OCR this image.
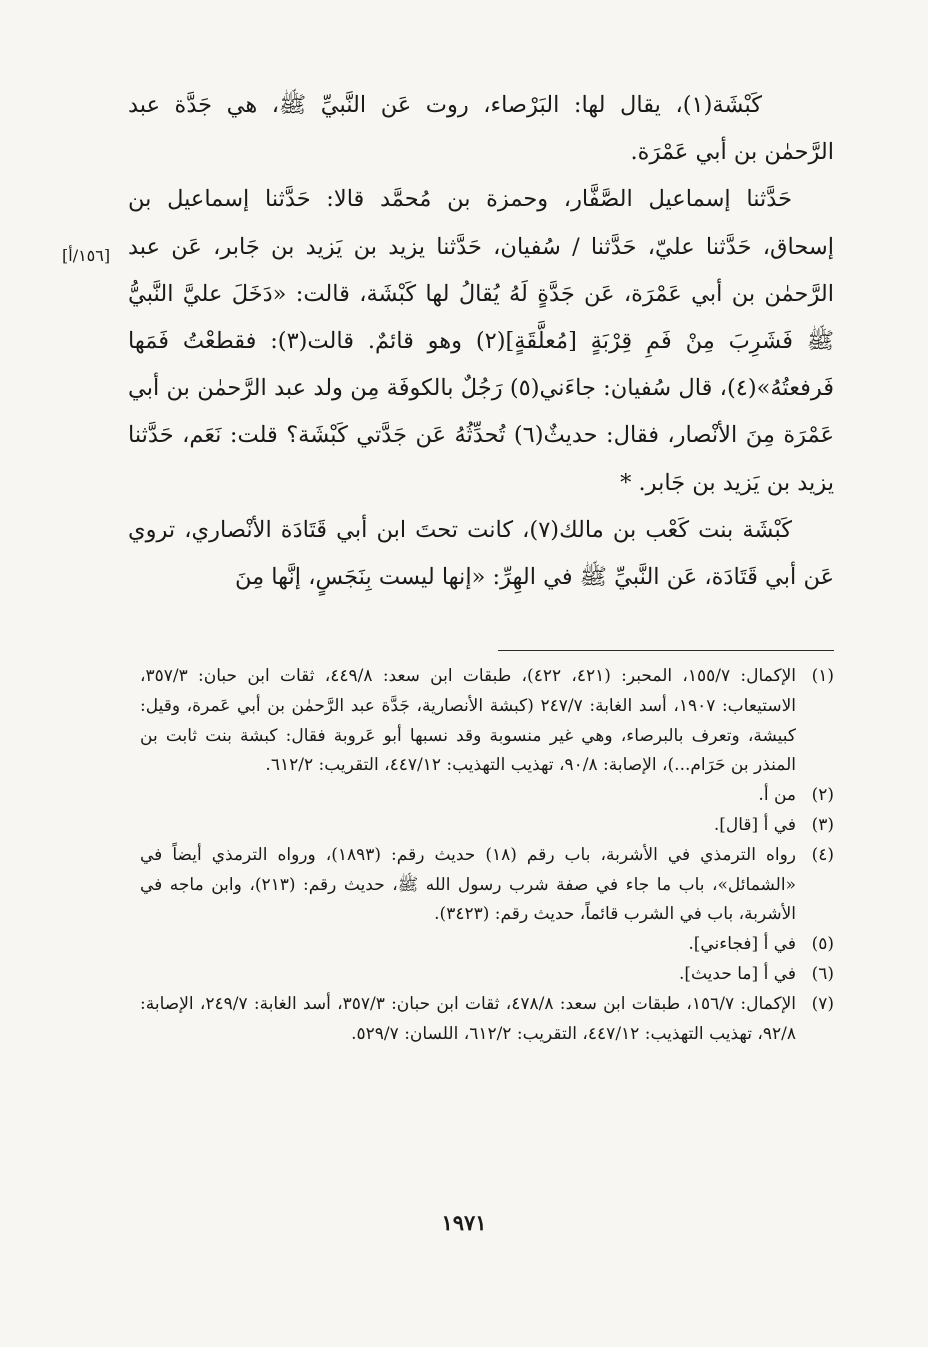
كَبْشَة(١)، يقال لها: البَرْصاء، روت عَن النَّبيِّ ﷺ، هي جَدَّة عبد الرَّحمٰن بن أبي عَمْرَة.

حَدَّثنا إسماعيل الصَّفَّار، وحمزة بن مُحمَّد قالا: حَدَّثنا إسماعيل بن إسحاق، حَدَّثنا عليّ، حَدَّثنا / سُفيان، حَدَّثنا يزيد بن يَزيد بن جَابر، عَن عبد الرَّحمٰن بن أبي عَمْرَة، عَن جَدَّةٍ لَهُ يُقالُ لها كَبْشَة، قالت: «دَخَلَ عليَّ النَّبيُّ ﷺ فَشَرِبَ مِنْ فَمِ قِرْبَةٍ [مُعلَّقَةٍ](٢) وهو قائمٌ. قالت(٣): فقطعْتُ فَمَها فَرفعتُهُ»(٤)، قال سُفيان: جاءَني(٥) رَجُلٌ بالكوفَة مِن ولد عبد الرَّحمٰن بن أبي عَمْرَة مِنَ الأنْصار، فقال: حديثٌ(٦) تُحدِّثُهُ عَن جَدَّتي كَبْشَة؟ قلت: نَعَم، حَدَّثنا يزيد بن يَزيد بن جَابر. *

كَبْشَة بنت كَعْب بن مالك(٧)، كانت تحتَ ابن أبي قَتَادَة الأنْصاري، تروي عَن أبي قَتَادَة، عَن النَّبيِّ ﷺ في الهِرِّ: «إنها ليست بِنَجَسٍ، إنَّها مِنَ

[١٥٦/أ]
(١)
الإكمال: ١٥٥/٧، المحبر: (٤٢١، ٤٢٢)، طبقات ابن سعد: ٤٤٩/٨، ثقات ابن حبان: ٣٥٧/٣، الاستيعاب: ١٩٠٧، أسد الغابة: ٢٤٧/٧ (كبشة الأنصارية، جَدَّة عبد الرَّحمٰن بن أبي عَمرة، وقيل: كبيشة، وتعرف بالبرصاء، وهي غير منسوبة وقد نسبها أبو عَروبة فقال: كبشة بنت ثابت بن المنذر بن حَرَام...)، الإصابة: ٩٠/٨، تهذيب التهذيب: ٤٤٧/١٢، التقريب: ٦١٢/٢.
(٢)
من أ.
(٣)
في أ [قال].
(٤)
رواه الترمذي في الأشربة، باب رقم (١٨) حديث رقم: (١٨٩٣)، ورواه الترمذي أيضاً في «الشمائل»، باب ما جاء في صفة شرب رسول الله ﷺ، حديث رقم: (٢١٣)، وابن ماجه في الأشربة، باب في الشرب قائماً، حديث رقم: (٣٤٢٣).
(٥)
في أ [فجاءني].
(٦)
في أ [ما حديث].
(٧)
الإكمال: ١٥٦/٧، طبقات ابن سعد: ٤٧٨/٨، ثقات ابن حبان: ٣٥٧/٣، أسد الغابة: ٢٤٩/٧، الإصابة: ٩٢/٨، تهذيب التهذيب: ٤٤٧/١٢، التقريب: ٦١٢/٢، اللسان: ٥٢٩/٧.
١٩٧١
